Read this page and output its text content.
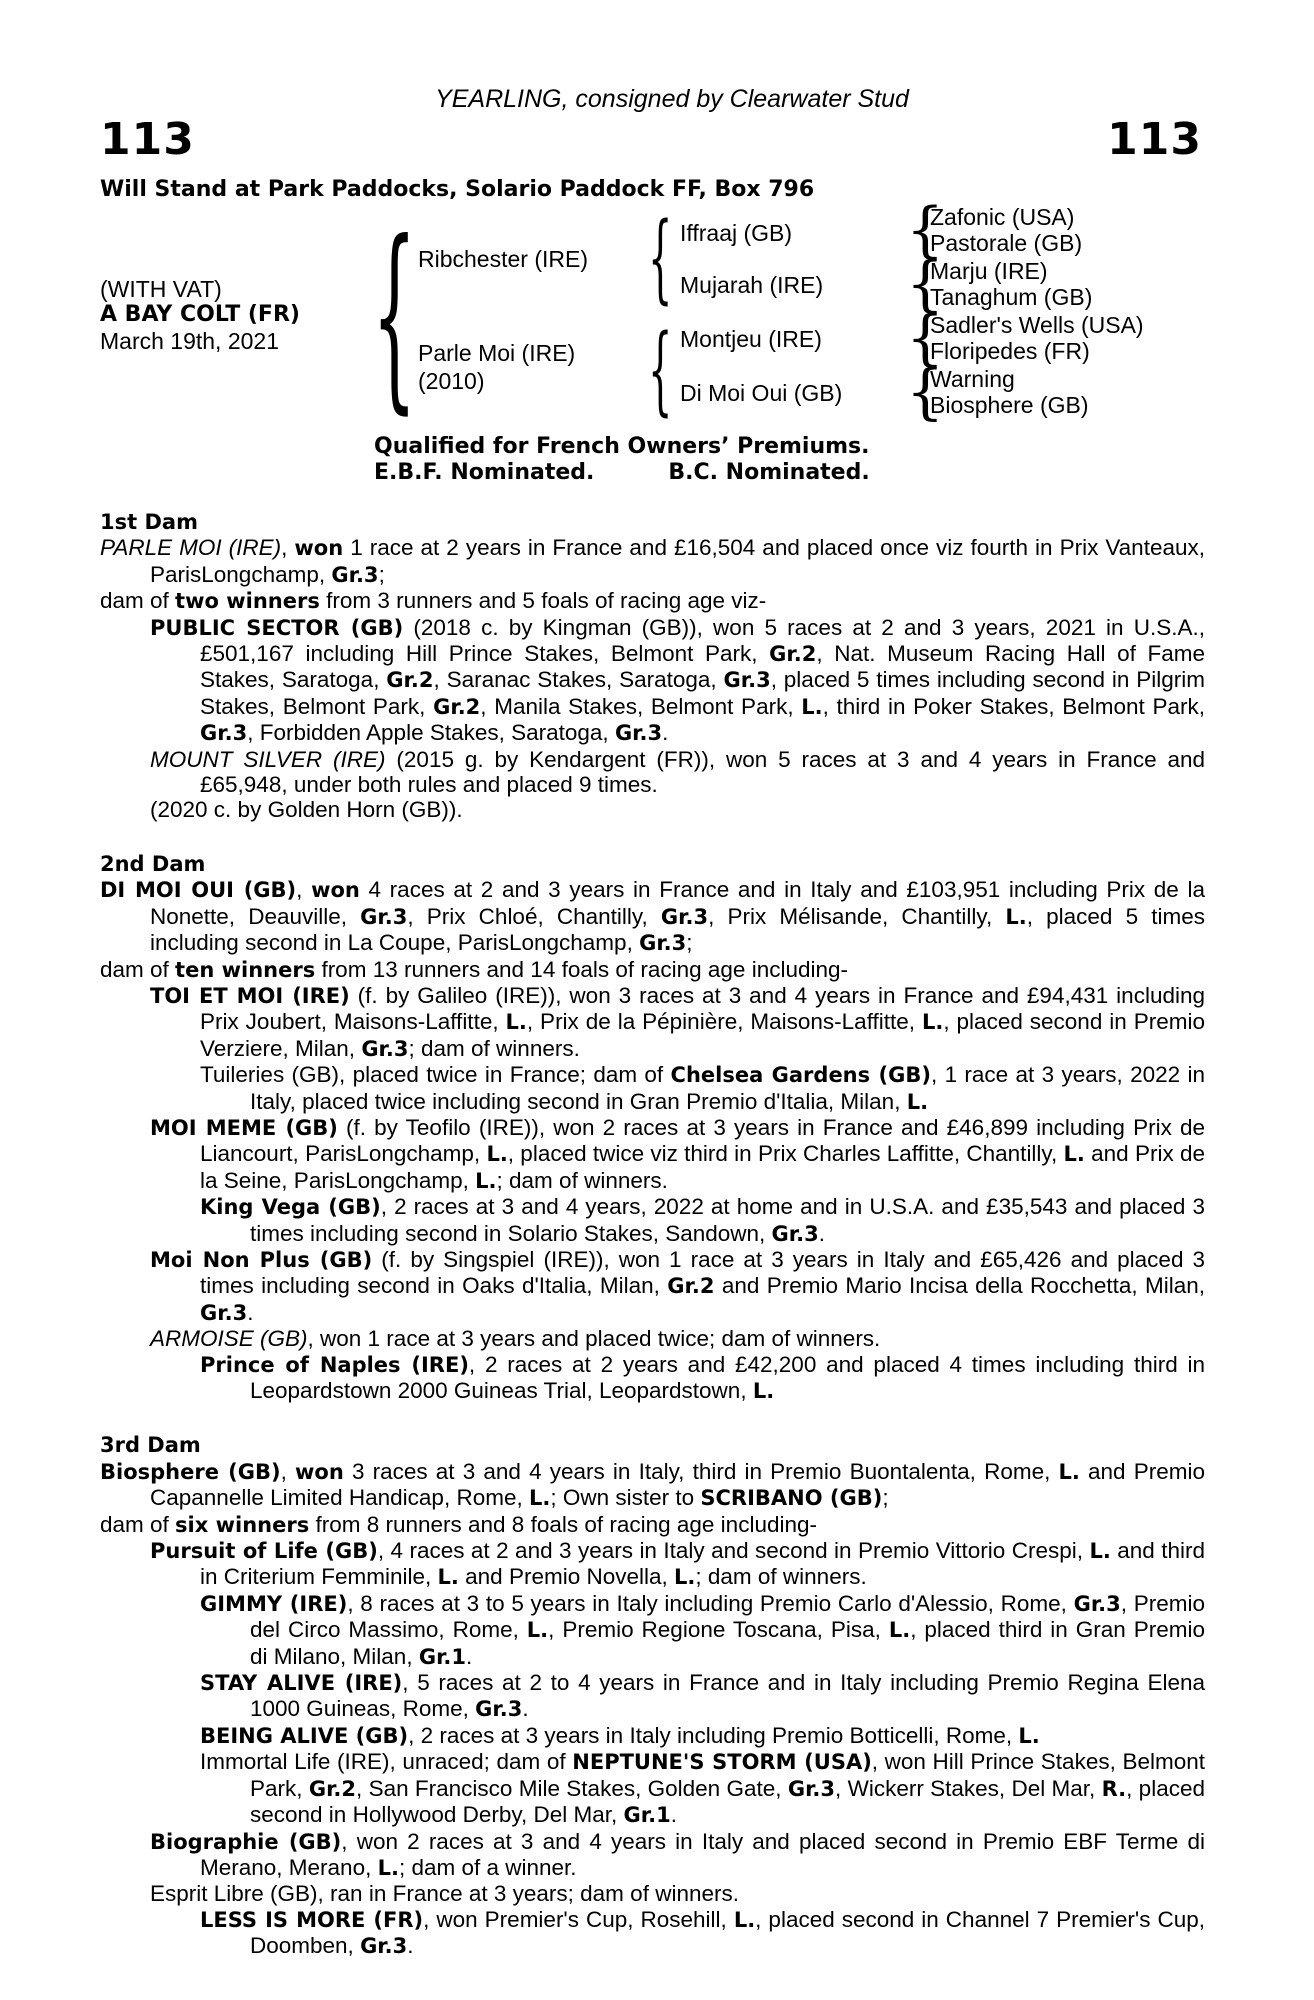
113
YEARLING, consigned by Clearwater Stud
113
Will Stand at Park Paddocks, Solario Paddock FF, Box 796
(WITH VAT)
A BAY COLT (FR)
March 19th, 2021 { Ribchester (IRE)
Parle Moi (IRE)
(2010)
{
{
Iffraaj (GB)
Mujarah (IRE)
Montjeu (IRE)
Di Moi Oui (GB)
{
{
{
{
Zafonic (USA)
Pastorale (GB)
Marju (IRE)
Tanaghum (GB)
Sadler's Wells (USA)
Floripedes (FR)
Warning
Biosphere (GB)
Qualified for French Owners’ Premiums.
E.B.F. Nominated.	B.C. Nominated.
1st Dam
PARLE MOI (IRE), won 1 race at 2 years in France and £16,504 and placed once viz fourth in Prix Vanteaux, ParisLongchamp, Gr.3;
dam of two winners from 3 runners and 5 foals of racing age viz-
PUBLIC SECTOR (GB) (2018 c. by Kingman (GB)), won 5 races at 2 and 3 years, 2021 in U.S.A., £501,167 including Hill Prince Stakes, Belmont Park, Gr.2, Nat. Museum Racing Hall of Fame Stakes, Saratoga, Gr.2, Saranac Stakes, Saratoga, Gr.3, placed 5 times including second in Pilgrim Stakes, Belmont Park, Gr.2, Manila Stakes, Belmont Park, L., third in Poker Stakes, Belmont Park, Gr.3, Forbidden Apple Stakes, Saratoga, Gr.3.
MOUNT SILVER (IRE) (2015 g. by Kendargent (FR)), won 5 races at 3 and 4 years in France and £65,948, under both rules and placed 9 times.
(2020 c. by Golden Horn (GB)).
2nd Dam
DI MOI OUI (GB), won 4 races at 2 and 3 years in France and in Italy and £103,951 including Prix de la Nonette, Deauville, Gr.3, Prix Chloé, Chantilly, Gr.3, Prix Mélisande, Chantilly, L., placed 5 times including second in La Coupe, ParisLongchamp, Gr.3;
dam of ten winners from 13 runners and 14 foals of racing age including-
TOI ET MOI (IRE) (f. by Galileo (IRE)), won 3 races at 3 and 4 years in France and £94,431 including Prix Joubert, Maisons-Laffitte, L., Prix de la Pépinière, Maisons-Laffitte, L., placed second in Premio Verziere, Milan, Gr.3; dam of winners.
Tuileries (GB), placed twice in France; dam of Chelsea Gardens (GB), 1 race at 3 years, 2022 in Italy, placed twice including second in Gran Premio d'Italia, Milan, L.
MOI MEME (GB) (f. by Teofilo (IRE)), won 2 races at 3 years in France and £46,899 including Prix de Liancourt, ParisLongchamp, L., placed twice viz third in Prix Charles Laffitte, Chantilly, L. and Prix de la Seine, ParisLongchamp, L.; dam of winners.
King Vega (GB), 2 races at 3 and 4 years, 2022 at home and in U.S.A. and £35,543 and placed 3 times including second in Solario Stakes, Sandown, Gr.3.
Moi Non Plus (GB) (f. by Singspiel (IRE)), won 1 race at 3 years in Italy and £65,426 and placed 3 times including second in Oaks d'Italia, Milan, Gr.2 and Premio Mario Incisa della Rocchetta, Milan, Gr.3.
ARMOISE (GB), won 1 race at 3 years and placed twice; dam of winners.
Prince of Naples (IRE), 2 races at 2 years and £42,200 and placed 4 times including third in Leopardstown 2000 Guineas Trial, Leopardstown, L.
3rd Dam
Biosphere (GB), won 3 races at 3 and 4 years in Italy, third in Premio Buontalenta, Rome, L. and Premio Capannelle Limited Handicap, Rome, L.; Own sister to SCRIBANO (GB);
dam of six winners from 8 runners and 8 foals of racing age including-
Pursuit of Life (GB), 4 races at 2 and 3 years in Italy and second in Premio Vittorio Crespi, L. and third in Criterium Femminile, L. and Premio Novella, L.; dam of winners.
GIMMY (IRE), 8 races at 3 to 5 years in Italy including Premio Carlo d'Alessio, Rome, Gr.3, Premio del Circo Massimo, Rome, L., Premio Regione Toscana, Pisa, L., placed third in Gran Premio di Milano, Milan, Gr.1.
STAY ALIVE (IRE), 5 races at 2 to 4 years in France and in Italy including Premio Regina Elena 1000 Guineas, Rome, Gr.3.
BEING ALIVE (GB), 2 races at 3 years in Italy including Premio Botticelli, Rome, L.
Immortal Life (IRE), unraced; dam of NEPTUNE'S STORM (USA), won Hill Prince Stakes, Belmont Park, Gr.2, San Francisco Mile Stakes, Golden Gate, Gr.3, Wickerr Stakes, Del Mar, R., placed second in Hollywood Derby, Del Mar, Gr.1.
Biographie (GB), won 2 races at 3 and 4 years in Italy and placed second in Premio EBF Terme di Merano, Merano, L.; dam of a winner.
Esprit Libre (GB), ran in France at 3 years; dam of winners.
LESS IS MORE (FR), won Premier's Cup, Rosehill, L., placed second in Channel 7 Premier's Cup, Doomben, Gr.3.
